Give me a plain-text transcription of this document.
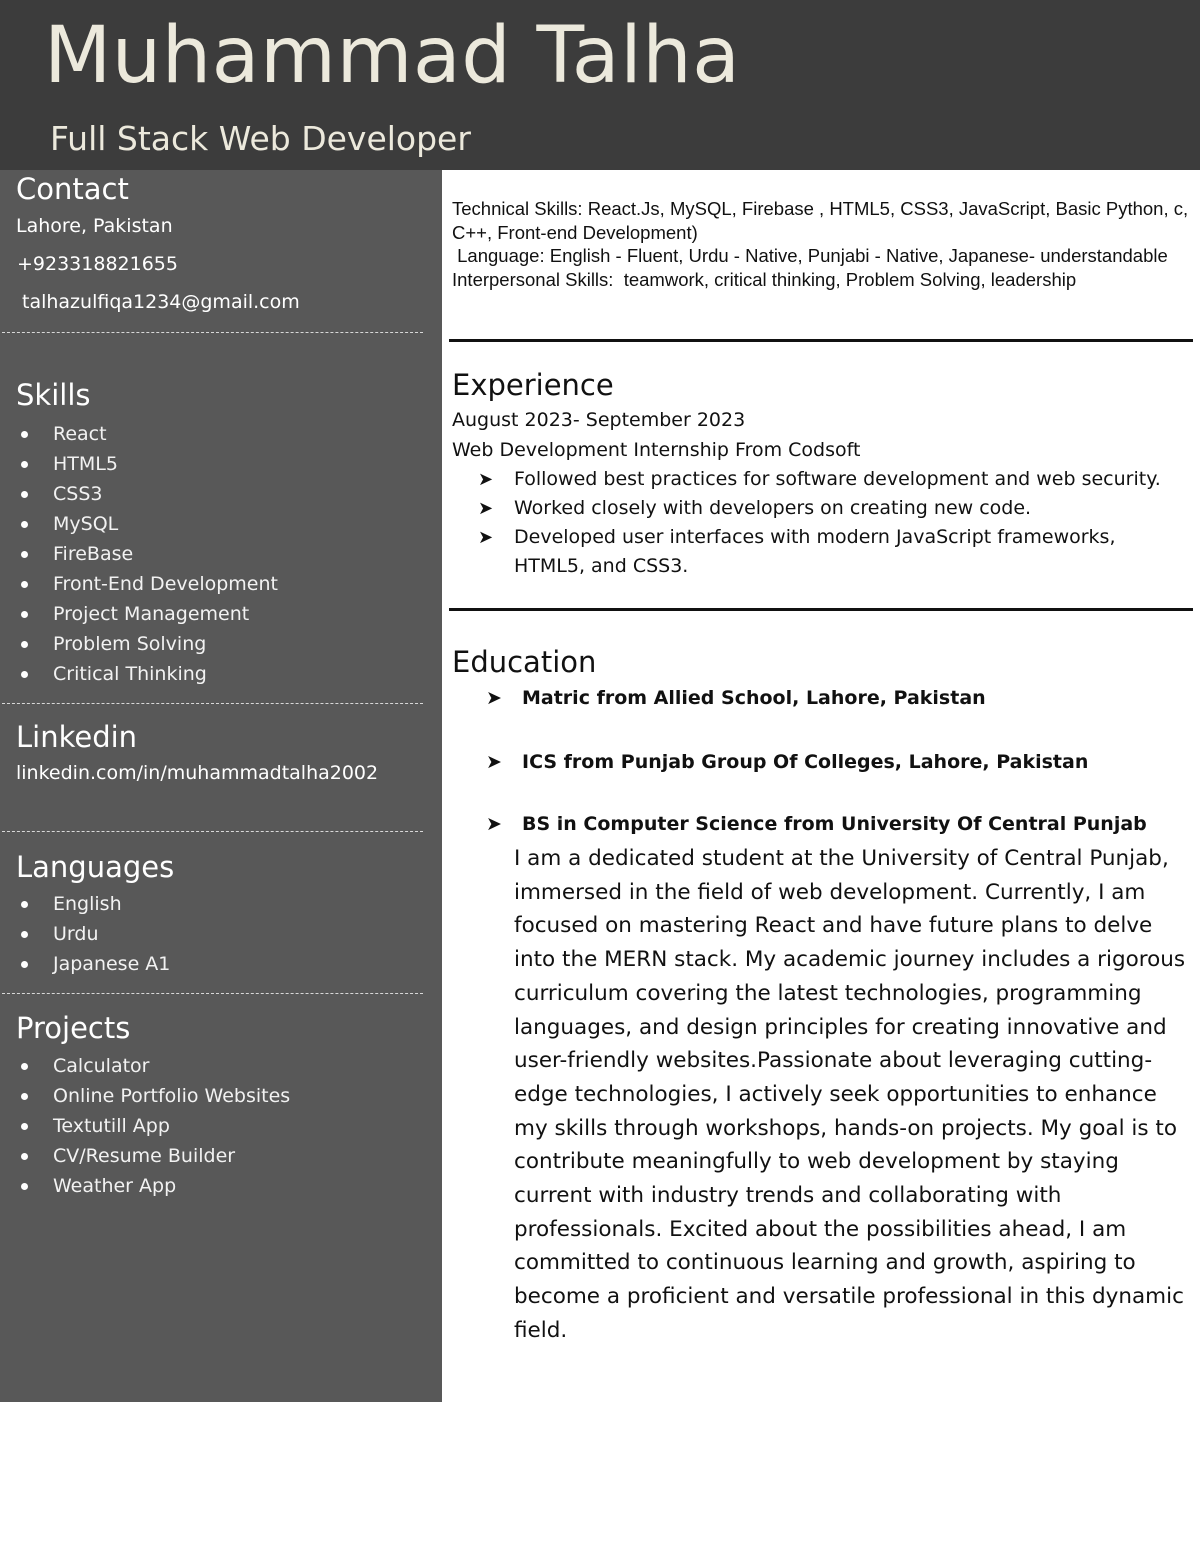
Muhammad Talha
Full Stack Web Developer
Contact
Lahore, Pakistan
+923318821655
talhazulfiqa1234@gmail.com
Skills
React
HTML5
CSS3
MySQL
FireBase
Front-End Development
Project Management
Problem Solving
Critical Thinking
Linkedin
linkedin.com/in/muhammadtalha2002
Languages
English
Urdu
Japanese A1
Projects
Calculator
Online Portfolio Websites
Textutill App
CV/Resume Builder
Weather App
Technical Skills: React.Js, MySQL, Firebase , HTML5, CSS3, JavaScript, Basic Python, c, C++, Front-end Development)
Language: English - Fluent, Urdu - Native, Punjabi - Native, Japanese- understandable
Interpersonal Skills:  teamwork, critical thinking, Problem Solving, leadership
Experience
August 2023- September 2023
Web Development Internship From Codsoft
➤	Followed best practices for software development and web security.
➤	Worked closely with developers on creating new code.
➤	Developed user interfaces with modern JavaScript frameworks, HTML5, and CSS3.
Education
➤ Matric from Allied School, Lahore, Pakistan
➤ ICS from Punjab Group Of Colleges, Lahore, Pakistan
➤ BS in Computer Science from University Of Central Punjab
I am a dedicated student at the University of Central Punjab, immersed in the field of web development. Currently, I am focused on mastering React and have future plans to delve into the MERN stack. My academic journey includes a rigorous curriculum covering the latest technologies, programming languages, and design principles for creating innovative and user-friendly websites.Passionate about leveraging cutting-edge technologies, I actively seek opportunities to enhance my skills through workshops, hands-on projects. My goal is to contribute meaningfully to web development by staying current with industry trends and collaborating with professionals. Excited about the possibilities ahead, I am committed to continuous learning and growth, aspiring to become a proficient and versatile professional in this dynamic field.
